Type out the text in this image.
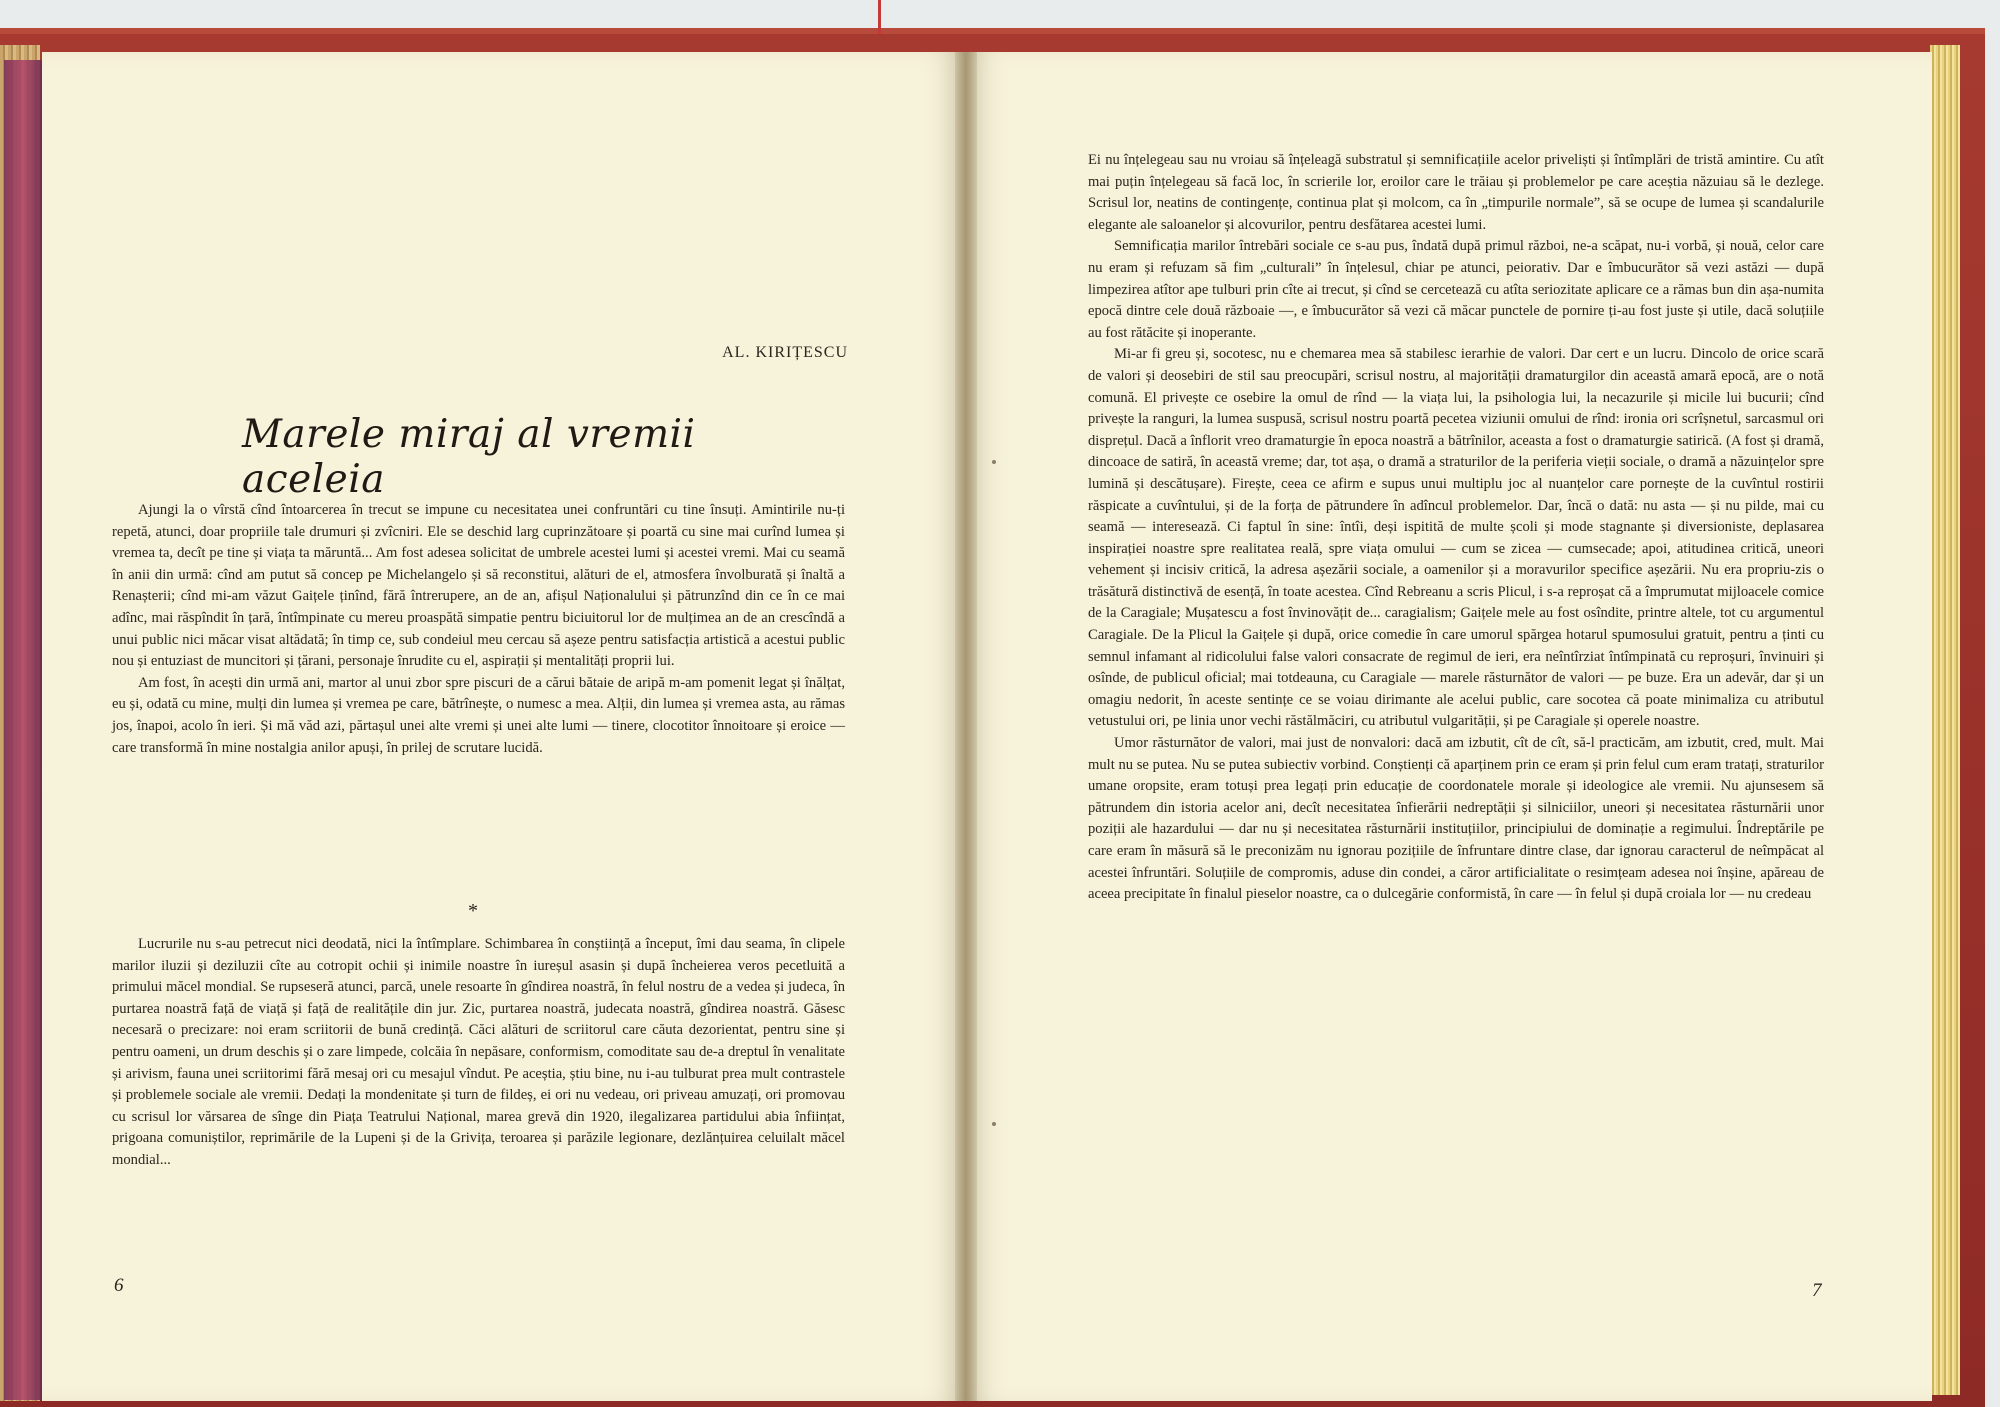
AL. KIRIȚESCU
Marele miraj al vremii aceleia

Ajungi la o vîrstă cînd întoarcerea în trecut se impune cu necesitatea unei confruntări cu tine însuți. Amintirile nu-ți repetă, atunci, doar propriile tale drumuri și zvîcniri. Ele se deschid larg cuprinzătoare și poartă cu sine mai curînd lumea și vremea ta, decît pe tine și viața ta măruntă... Am fost adesea solicitat de umbrele acestei lumi și acestei vremi. Mai cu seamă în anii din urmă: cînd am putut să concep pe Michelangelo și să reconstitui, alături de el, atmosfera învolburată și înaltă a Renașterii; cînd mi-am văzut Gaițele ținînd, fără întrerupere, an de an, afișul Naționalului și pătrunzînd din ce în ce mai adînc, mai răspîndit în țară, întîmpinate cu mereu proaspătă simpatie pentru biciuitorul lor de mulțimea an de an crescîndă a unui public nici măcar visat altădată; în timp ce, sub condeiul meu cercau să așeze pentru satisfacția artistică a acestui public nou și entuziast de muncitori și țărani, personaje înrudite cu el, aspirații și mentalități proprii lui.

Am fost, în acești din urmă ani, martor al unui zbor spre piscuri de a cărui bătaie de aripă m-am pomenit legat și înălțat, eu și, odată cu mine, mulți din lumea și vremea pe care, bătrînește, o numesc a mea. Alții, din lumea și vremea asta, au rămas jos, înapoi, acolo în ieri. Și mă văd azi, părtașul unei alte vremi și unei alte lumi — tinere, clocotitor înnoitoare și eroice — care transformă în mine nostalgia anilor apuși, în prilej de scrutare lucidă.

*

Lucrurile nu s-au petrecut nici deodată, nici la întîmplare. Schimbarea în conștiință a început, îmi dau seama, în clipele marilor iluzii și deziluzii cîte au cotropit ochii și inimile noastre în iureșul asasin și după încheierea veros pecetluită a primului măcel mondial. Se rupseseră atunci, parcă, unele resoarte în gîndirea noastră, în felul nostru de a vedea și judeca, în purtarea noastră față de viață și față de realitățile din jur. Zic, purtarea noastră, judecata noastră, gîndirea noastră. Găsesc necesară o precizare: noi eram scriitorii de bună credință. Căci alături de scriitorul care căuta dezorientat, pentru sine și pentru oameni, un drum deschis și o zare limpede, colcăia în nepăsare, conformism, comoditate sau de-a dreptul în venalitate și arivism, fauna unei scriitorimi fără mesaj ori cu mesajul vîndut. Pe aceștia, știu bine, nu i-au tulburat prea mult contrastele și problemele sociale ale vremii. Dedați la mondenitate și turn de fildeș, ei ori nu vedeau, ori priveau amuzați, ori promovau cu scrisul lor vărsarea de sînge din Piața Teatrului Național, marea grevă din 1920, ilegalizarea partidului abia înființat, prigoana comuniștilor, reprimările de la Lupeni și de la Grivița, teroarea și parăzile legionare, dezlănțuirea celuilalt măcel mondial...

Ei nu înțelegeau sau nu vroiau să înțeleagă substratul și semnificațiile acelor priveliști și întîmplări de tristă amintire. Cu atît mai puțin înțelegeau să facă loc, în scrierile lor, eroilor care le trăiau și problemelor pe care aceștia năzuiau să le dezlege. Scrisul lor, neatins de contingențe, continua plat și molcom, ca în „timpurile normale”, să se ocupe de lumea și scandalurile elegante ale saloanelor și alcovurilor, pentru desfătarea acestei lumi.

Semnificația marilor întrebări sociale ce s-au pus, îndată după primul război, ne-a scăpat, nu-i vorbă, și nouă, celor care nu eram și refuzam să fim „culturali” în înțelesul, chiar pe atunci, peiorativ. Dar e îmbucurător să vezi astăzi — după limpezirea atîtor ape tulburi prin cîte ai trecut, și cînd se cercetează cu atîta seriozitate aplicare ce a rămas bun din așa-numita epocă dintre cele două războaie —, e îmbucurător să vezi că măcar punctele de pornire ți-au fost juste și utile, dacă soluțiile au fost rătăcite și inoperante.

Mi-ar fi greu și, socotesc, nu e chemarea mea să stabilesc ierarhie de valori. Dar cert e un lucru. Dincolo de orice scară de valori și deosebiri de stil sau preocupări, scrisul nostru, al majorității dramaturgilor din această amară epocă, are o notă comună. El privește ce osebire la omul de rînd — la viața lui, la psihologia lui, la necazurile și micile lui bucurii; cînd privește la ranguri, la lumea suspusă, scrisul nostru poartă pecetea viziunii omului de rînd: ironia ori scrîșnetul, sarcasmul ori disprețul. Dacă a înflorit vreo dramaturgie în epoca noastră a bătrînilor, aceasta a fost o dramaturgie satirică. (A fost și dramă, dincoace de satiră, în această vreme; dar, tot așa, o dramă a straturilor de la periferia vieții sociale, o dramă a năzuințelor spre lumină și descătușare). Firește, ceea ce afirm e supus unui multiplu joc al nuanțelor care pornește de la cuvîntul rostirii răspicate a cuvîntului, și de la forța de pătrundere în adîncul problemelor. Dar, încă o dată: nu asta — și nu pilde, mai cu seamă — interesează. Ci faptul în sine: întîi, deși ispitită de multe școli și mode stagnante și diversioniste, deplasarea inspirației noastre spre realitatea reală, spre viața omului — cum se zicea — cumsecade; apoi, atitudinea critică, uneori vehement și incisiv critică, la adresa așezării sociale, a oamenilor și a moravurilor specifice așezării. Nu era propriu-zis o trăsătură distinctivă de esență, în toate acestea. Cînd Rebreanu a scris Plicul, i s-a reproșat că a împrumutat mijloacele comice de la Caragiale; Mușatescu a fost învinovățit de... caragialism; Gaițele mele au fost osîndite, printre altele, tot cu argumentul Caragiale. De la Plicul la Gaițele și după, orice comedie în care umorul spărgea hotarul spumosului gratuit, pentru a ținti cu semnul infamant al ridicolului false valori consacrate de regimul de ieri, era neîntîrziat întîmpinată cu reproșuri, învinuiri și osînde, de publicul oficial; mai totdeauna, cu Caragiale — marele răsturnător de valori — pe buze. Era un adevăr, dar și un omagiu nedorit, în aceste sentințe ce se voiau dirimante ale acelui public, care socotea că poate minimaliza cu atributul vetustului ori, pe linia unor vechi răstălmăciri, cu atributul vulgarității, și pe Caragiale și operele noastre.

Umor răsturnător de valori, mai just de nonvalori: dacă am izbutit, cît de cît, să-l practicăm, am izbutit, cred, mult. Mai mult nu se putea. Nu se putea subiectiv vorbind. Conștienți că aparținem prin ce eram și prin felul cum eram tratați, straturilor umane oropsite, eram totuși prea legați prin educație de coordonatele morale și ideologice ale vremii. Nu ajunsesem să pătrundem din istoria acelor ani, decît necesitatea înfierării nedreptății și silniciilor, uneori și necesitatea răsturnării unor poziții ale hazardului — dar nu și necesitatea răsturnării instituțiilor, principiului de dominație a regimului. Îndreptările pe care eram în măsură să le preconizăm nu ignorau pozițiile de înfruntare dintre clase, dar ignorau caracterul de neîmpăcat al acestei înfruntări. Soluțiile de compromis, aduse din condei, a căror artificialitate o resimțeam adesea noi înșine, apăreau de aceea precipitate în finalul pieselor noastre, ca o dulcegărie conformistă, în care — în felul și după croiala lor — nu credeau

6	7
